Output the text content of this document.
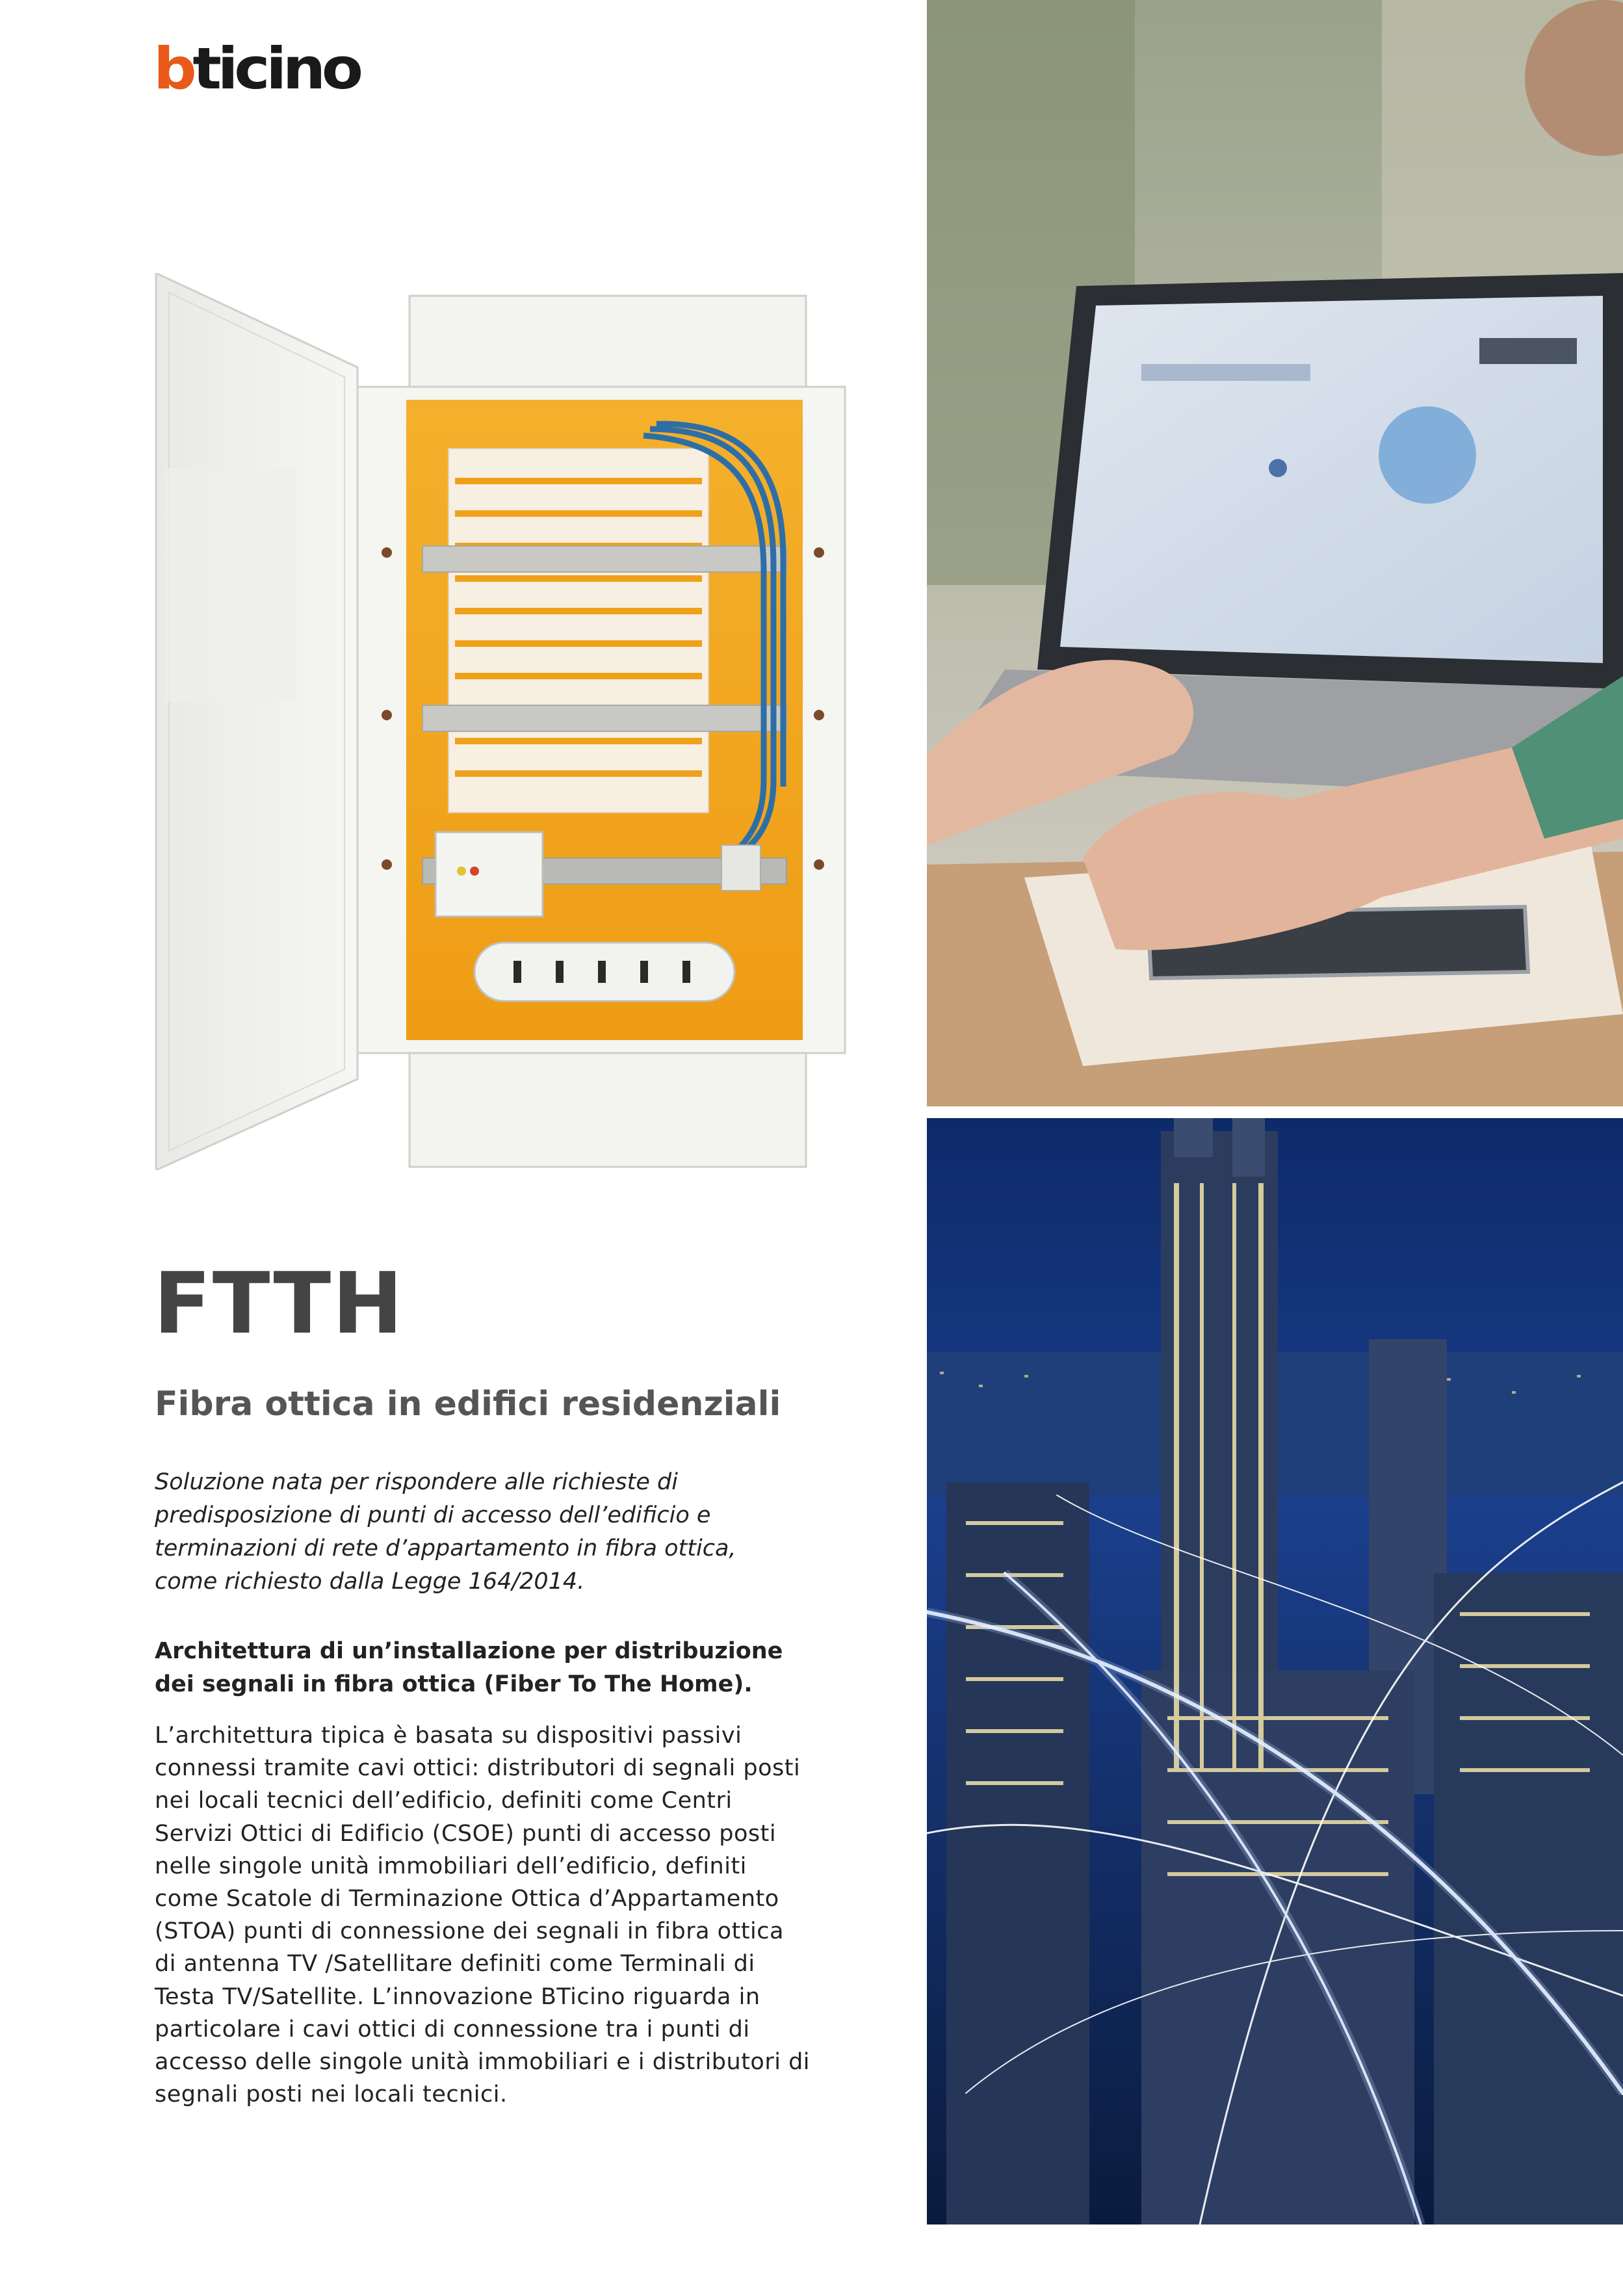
bticino
FTTH
Fibra ottica in edifici residenziali

Soluzione nata per rispondere alle richieste di predisposizione di punti di accesso dell’edificio e terminazioni di rete d’appartamento in fibra ottica, come richiesto dalla Legge 164/2014.

Architettura di un’installazione per distribuzione dei segnali in fibra ottica (Fiber To The Home).

L’architettura tipica è basata su dispositivi passivi connessi tramite cavi ottici: distributori di segnali posti nei locali tecnici dell’edificio, definiti come Centri Servizi Ottici di Edificio (CSOE) punti di accesso posti nelle singole unità immobiliari dell’edificio, definiti come Scatole di Terminazione Ottica d’Appartamento (STOA) punti di connessione dei segnali in fibra ottica di antenna TV /Satellitare definiti come Terminali di Testa TV/Satellite. L’innovazione BTicino riguarda in particolare i cavi ottici di connessione tra i punti di accesso delle singole unità immobiliari e i distributori di segnali posti nei locali tecnici.
